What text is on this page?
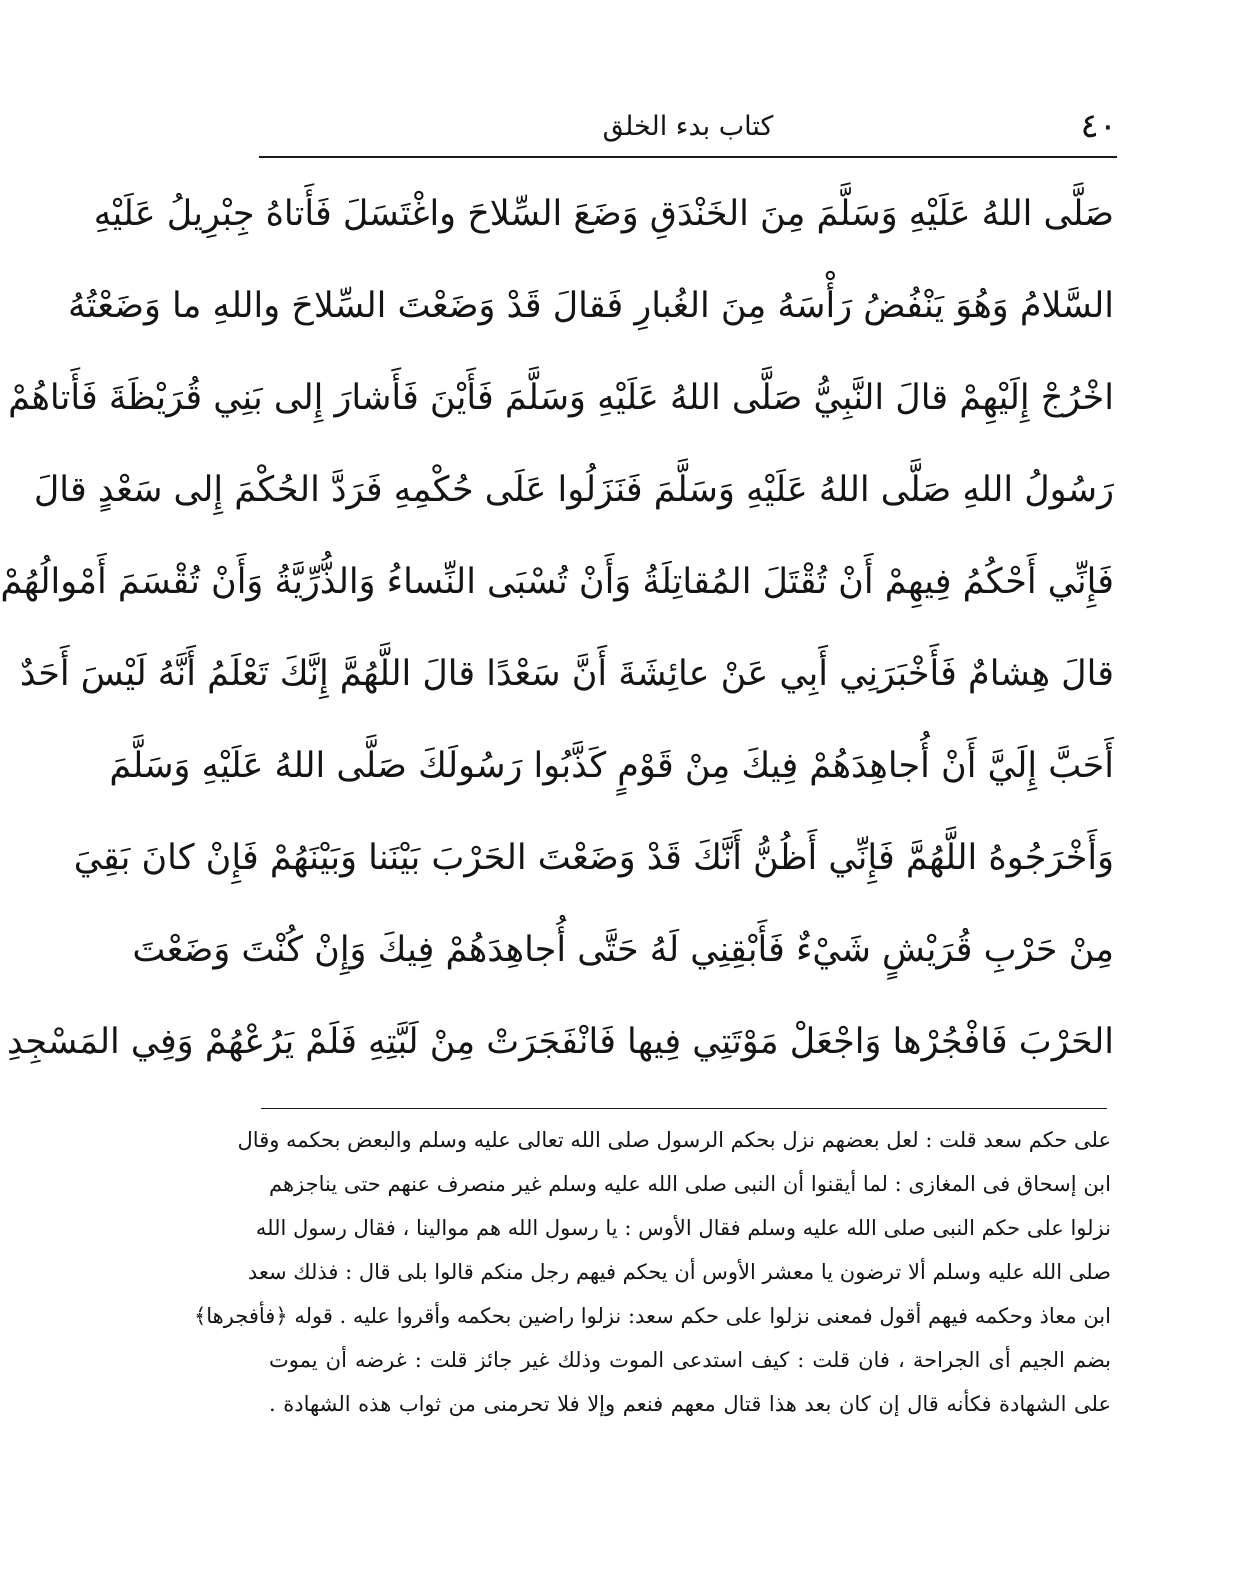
٤٠
كتاب بدء الخلق
صَلَّى اللهُ عَلَيْهِ وَسَلَّمَ مِنَ الخَنْدَقِ وَضَعَ السِّلاحَ واغْتَسَلَ فَأَتاهُ جِبْرِيلُ عَلَيْهِ
السَّلامُ وَهُوَ يَنْفُضُ رَأْسَهُ مِنَ الغُبارِ فَقالَ قَدْ وَضَعْتَ السِّلاحَ واللهِ ما وَضَعْتُهُ
اخْرُجْ إِلَيْهِمْ قالَ النَّبِيُّ صَلَّى اللهُ عَلَيْهِ وَسَلَّمَ فَأَيْنَ فَأَشارَ إِلى بَنِي قُرَيْظَةَ فَأَتاهُمْ
رَسُولُ اللهِ صَلَّى اللهُ عَلَيْهِ وَسَلَّمَ فَنَزَلُوا عَلَى حُكْمِهِ فَرَدَّ الحُكْمَ إِلى سَعْدٍ قالَ
فَإِنِّي أَحْكُمُ فِيهِمْ أَنْ تُقْتَلَ المُقاتِلَةُ وَأَنْ تُسْبَى النِّساءُ وَالذُّرِّيَّةُ وَأَنْ تُقْسَمَ أَمْوالُهُمْ
قالَ هِشامٌ فَأَخْبَرَنِي أَبِي عَنْ عائِشَةَ أَنَّ سَعْدًا قالَ اللَّهُمَّ إِنَّكَ تَعْلَمُ أَنَّهُ لَيْسَ أَحَدٌ
أَحَبَّ إِلَيَّ أَنْ أُجاهِدَهُمْ فِيكَ مِنْ قَوْمٍ كَذَّبُوا رَسُولَكَ صَلَّى اللهُ عَلَيْهِ وَسَلَّمَ
وَأَخْرَجُوهُ اللَّهُمَّ فَإِنِّي أَظُنُّ أَنَّكَ قَدْ وَضَعْتَ الحَرْبَ بَيْنَنا وَبَيْنَهُمْ فَإِنْ كانَ بَقِيَ
مِنْ حَرْبِ قُرَيْشٍ شَيْءٌ فَأَبْقِنِي لَهُ حَتَّى أُجاهِدَهُمْ فِيكَ وَإِنْ كُنْتَ وَضَعْتَ
الحَرْبَ فَافْجُرْها وَاجْعَلْ مَوْتَتِي فِيها فَانْفَجَرَتْ مِنْ لَبَّتِهِ فَلَمْ يَرُعْهُمْ وَفِي المَسْجِدِ
على حكم سعد قلت : لعل بعضهم نزل بحكم الرسول صلى الله تعالى عليه وسلم والبعض بحكمه وقال
ابن إسحاق فى المغازى : لما أيقنوا أن النبى صلى الله عليه وسلم غير منصرف عنهم حتى يناجزهم
نزلوا على حكم النبى صلى الله عليه وسلم فقال الأوس : يا رسول الله هم موالينا ، فقال رسول الله
صلى الله عليه وسلم ألا ترضون يا معشر الأوس أن يحكم فيهم رجل منكم قالوا بلى قال : فذلك سعد
ابن معاذ وحكمه فيهم أقول فمعنى نزلوا على حكم سعد: نزلوا راضين بحكمه وأقروا عليه . قوله ﴿فأفجرها﴾
بضم الجيم أى الجراحة ، فان قلت : كيف استدعى الموت وذلك غير جائز قلت : غرضه أن يموت
على الشهادة فكأنه قال إن كان بعد هذا قتال معهم فنعم وإلا فلا تحرمنى من ثواب هذه الشهادة .
